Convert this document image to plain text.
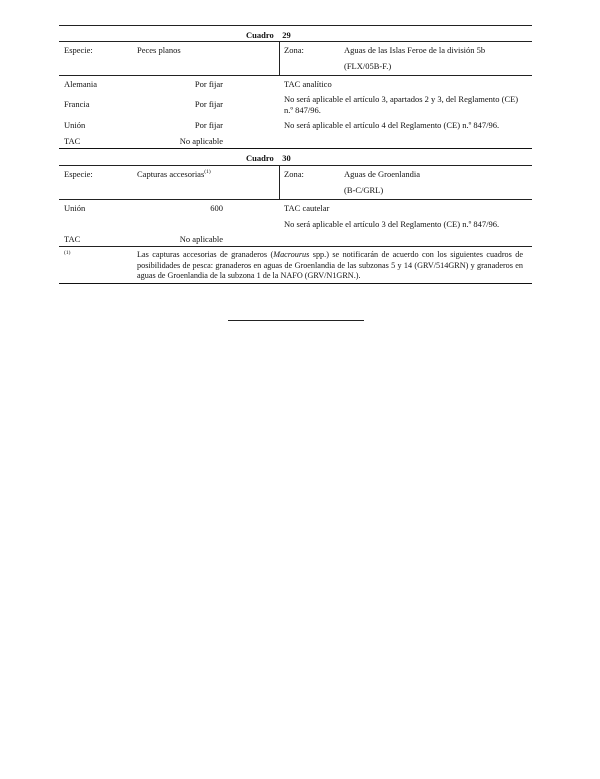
Cuadro 29
Especie:	Peces planos	Zona:	Aguas de las Islas Feroe de la división 5b
(FLX/05B-F.)
Alemania	Por fijar	TAC analítico
Francia	Por fijar	No será aplicable el artículo 3, apartados 2 y 3, del Reglamento (CE) n.º 847/96.
Unión	Por fijar	No será aplicable el artículo 4 del Reglamento (CE) n.º 847/96.
TAC	No aplicable
Cuadro 30
Especie:	Capturas accesorias$^{(1)}$	Zona:	Aguas de Groenlandia
(B-C/GRL)
Unión	600	TAC cautelar
No será aplicable el artículo 3 del Reglamento (CE) n.º 847/96.
TAC	No aplicable
(1)	Las capturas accesorias de granaderos (Macrourus spp.) se notificarán de acuerdo con los siguientes cuadros de posibilidades de pesca: granaderos en aguas de Groenlandia de las subzonas 5 y 14 (GRV/514GRN) y granaderos en aguas de Groenlandia de la subzona 1 de la NAFO (GRV/N1GRN.).
